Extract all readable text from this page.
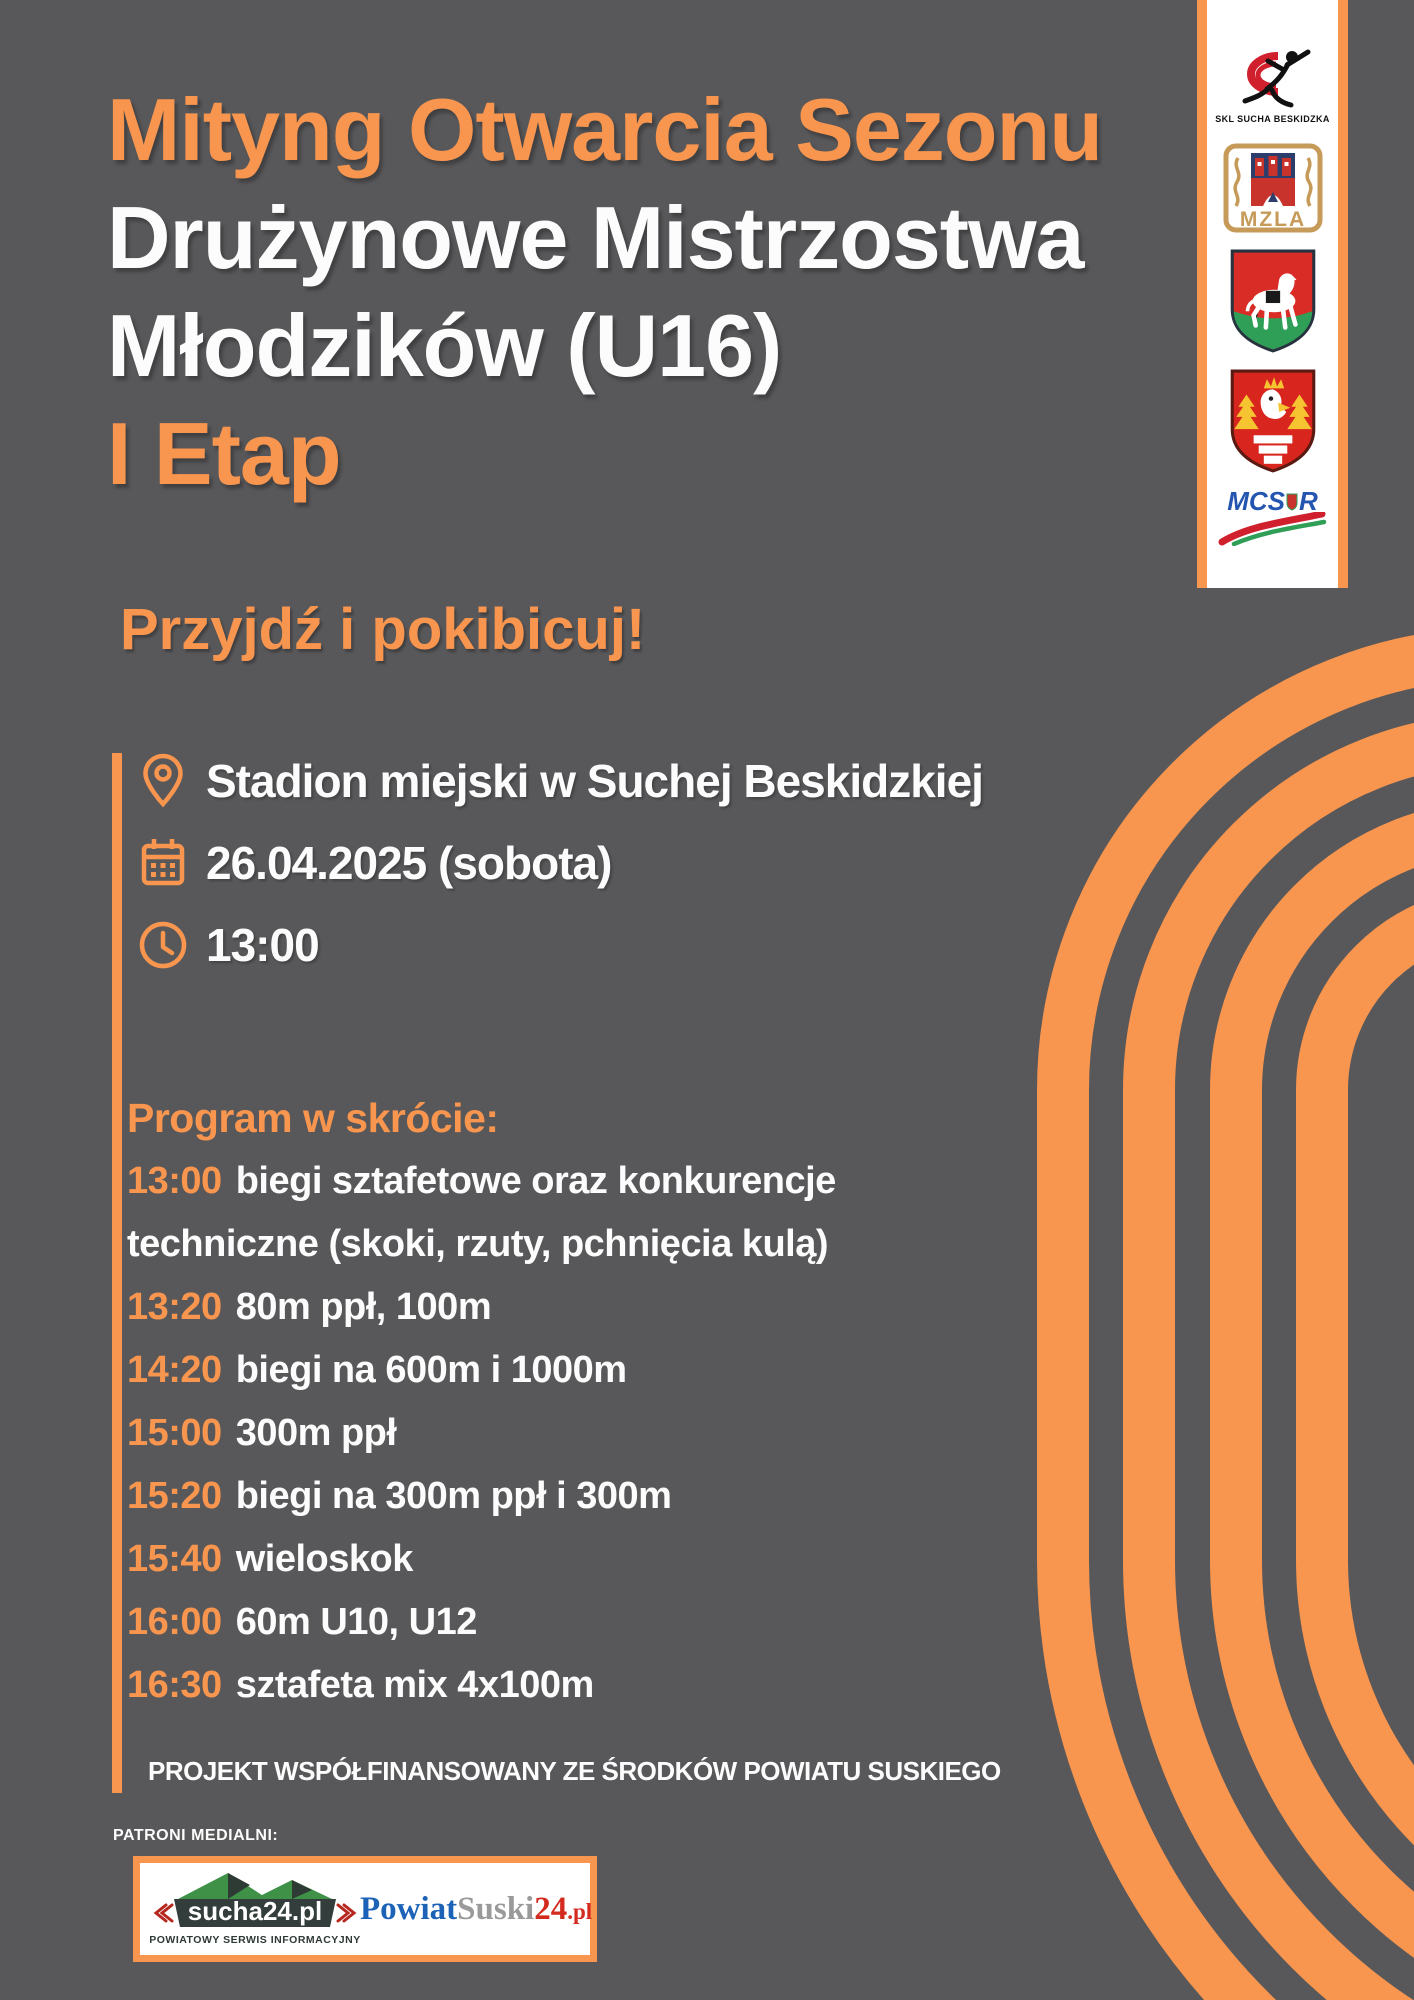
Mityng Otwarcia Sezonu
Drużynowe Mistrzostwa
Młodzików (U16)
I Etap
Przyjdź i pokibicuj!
Stadion miejski w Suchej Beskidzkiej
26.04.2025 (sobota)
13:00
Program w skrócie:
13:00 biegi sztafetowe oraz konkurencje
techniczne (skoki, rzuty, pchnięcia kulą)
13:20 80m ppł, 100m
14:20 biegi na 600m i 1000m
15:00 300m ppł
15:20 biegi na 300m ppł i 300m
15:40 wieloskok
16:00 60m U10, U12
16:30 sztafeta mix 4x100m
PROJEKT WSPÓŁFINANSOWANY ZE ŚRODKÓW POWIATU SUSKIEGO
PATRONI MEDIALNI:
sucha24.pl
POWIATOWY SERWIS INFORMACYJNY
PowiatSuski24.pl
SKL SUCHA BESKIDZKA
MZLA
MCS R
